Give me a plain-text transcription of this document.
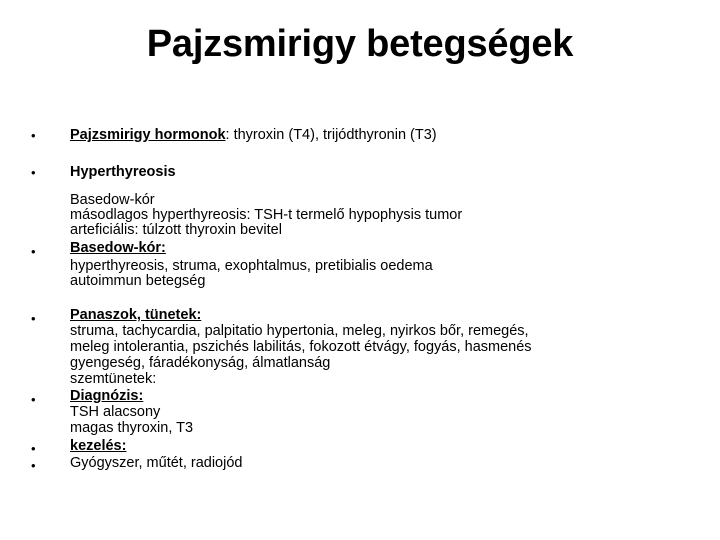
Pajzsmirigy betegségek
•
•
•
•
•
•
•
Pajzsmirigy hormonok: thyroxin (T4), trijódthyronin (T3)
Hyperthyreosis
Basedow-kór
másodlagos hyperthyreosis: TSH-t termelő hypophysis tumor
arteficiális: túlzott thyroxin bevitel
Basedow-kór:
hyperthyreosis, struma, exophtalmus, pretibialis oedema
autoimmun betegség
Panaszok, tünetek:
struma, tachycardia, palpitatio hypertonia, meleg, nyirkos bőr, remegés,
meleg intolerantia, pszichés labilitás, fokozott étvágy, fogyás, hasmenés
gyengeség, fáradékonyság, álmatlanság
szemtünetek:
Diagnózis:
TSH alacsony
magas thyroxin, T3
kezelés:
Gyógyszer, műtét, radiojód
